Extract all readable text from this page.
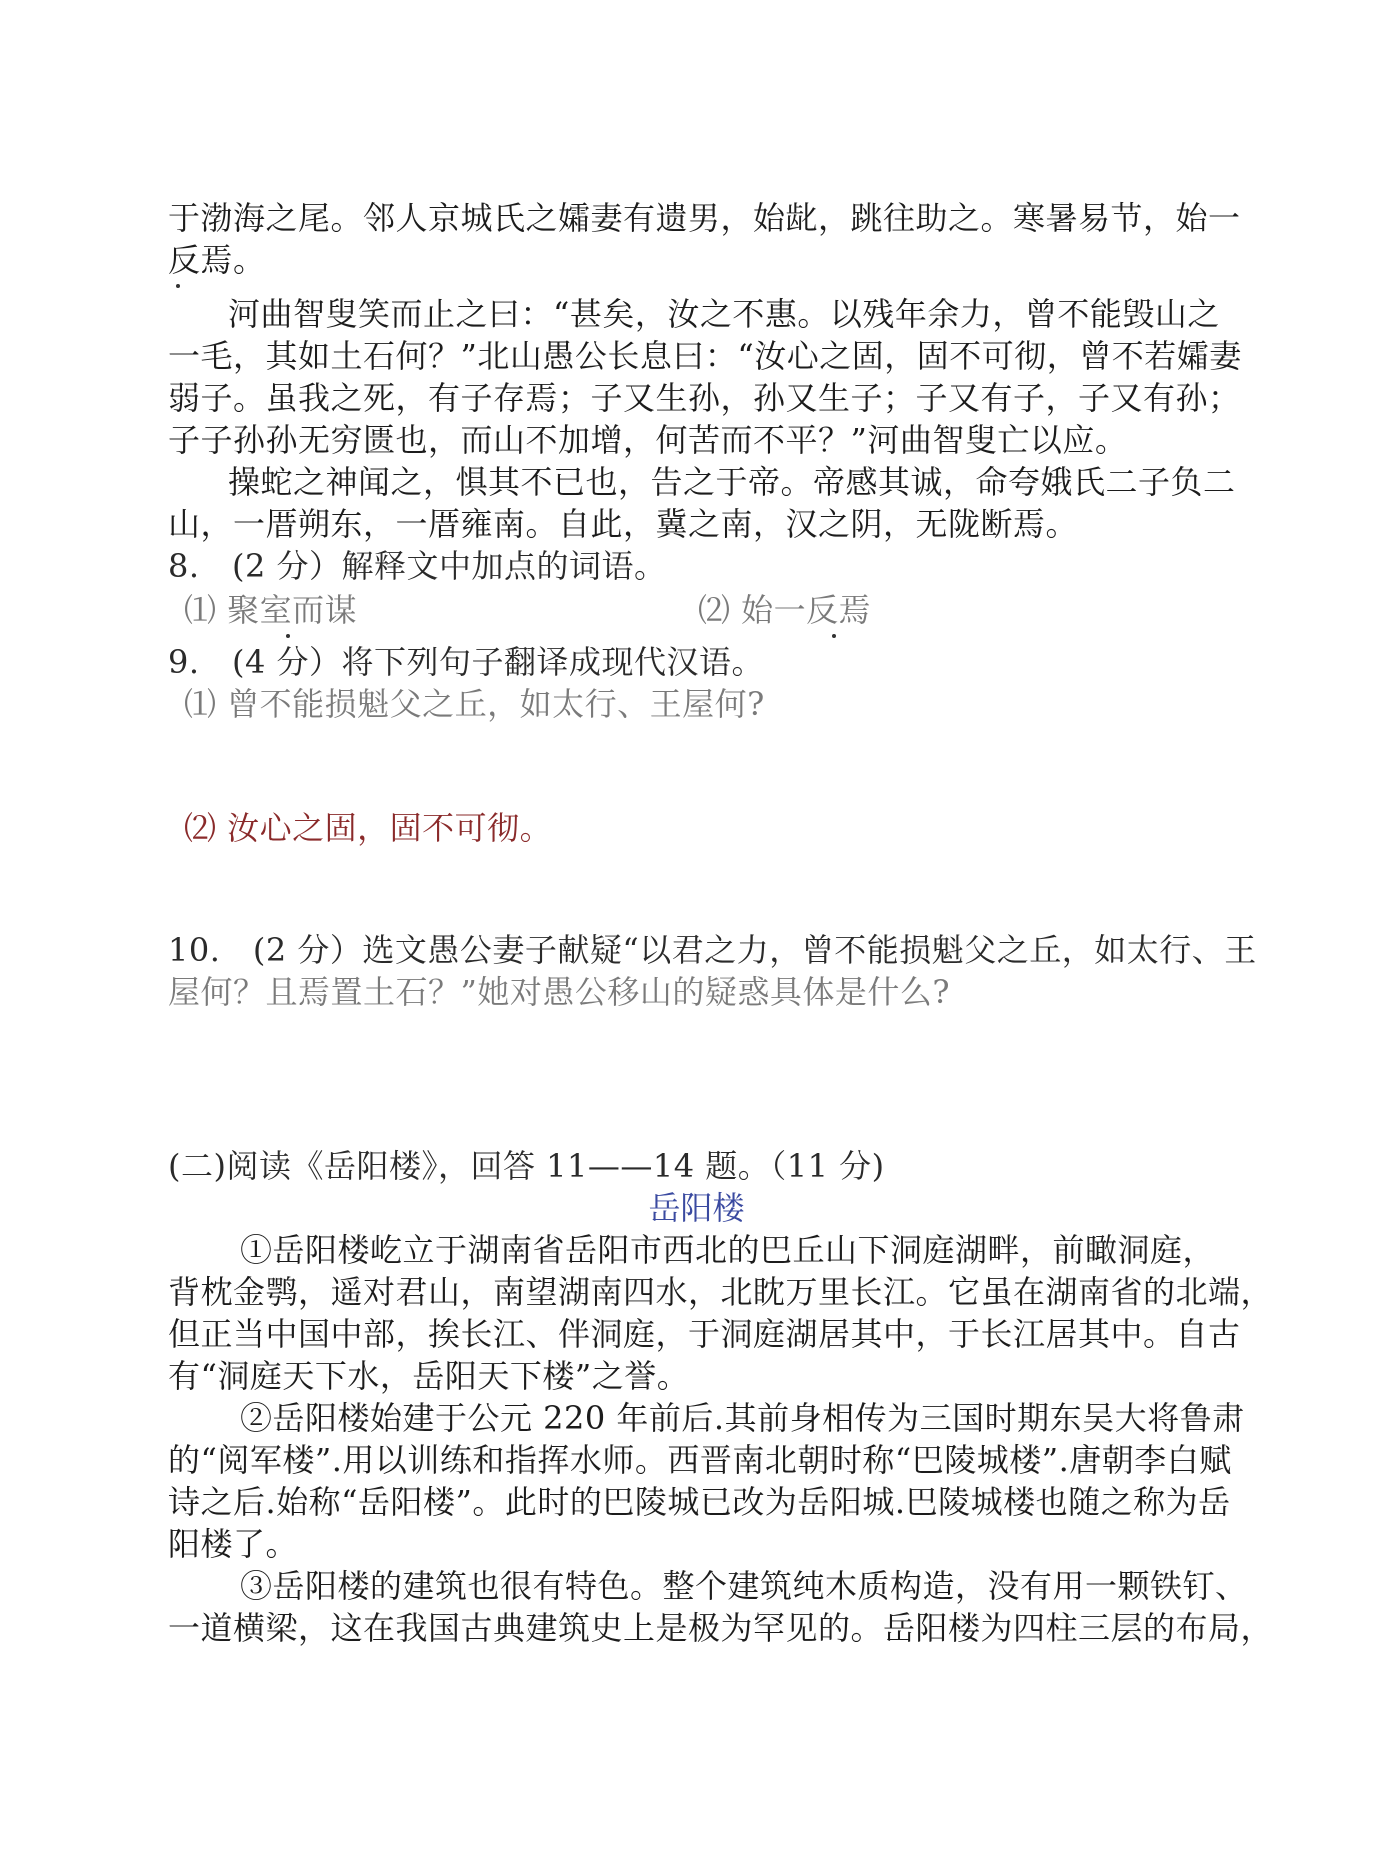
于渤海之尾。邻人京城氏之孀妻有遗男，始龀，跳往助之。寒暑易节，始一
反焉。
河曲智叟笑而止之曰：“甚矣，汝之不惠。以残年余力，曾不能毁山之
一毛，其如土石何？”北山愚公长息曰：“汝心之固，固不可彻，曾不若孀妻
弱子。虽我之死，有子存焉；子又生孙，孙又生子；子又有子，子又有孙；
子子孙孙无穷匮也，而山不加增，何苦而不平？”河曲智叟亡以应。
操蛇之神闻之，惧其不已也，告之于帝。帝感其诚，命夸娥氏二子负二
山，一厝朔东，一厝雍南。自此，冀之南，汉之阴，无陇断焉。
8.　(2 分）解释文中加点的词语。
⑴ 聚室而谋	⑵ 始一反焉
9.　(4 分）将下列句子翻译成现代汉语。
⑴ 曾不能损魁父之丘，如太行、王屋何?
⑵ 汝心之固，固不可彻。
10.　(2 分）选文愚公妻子献疑“以君之力，曾不能损魁父之丘，如太行、王
屋何？且焉置土石？”她对愚公移山的疑惑具体是什么?
(二)阅读《岳阳楼》，回答 11——14 题。（11 分)
岳阳楼
①岳阳楼屹立于湖南省岳阳市西北的巴丘山下洞庭湖畔，前瞰洞庭，
背枕金鹗，遥对君山，南望湖南四水，北眈万里长江。它虽在湖南省的北端，
但正当中国中部，挨长江、伴洞庭，于洞庭湖居其中，于长江居其中。自古
有“洞庭天下水，岳阳天下楼”之誉。
②岳阳楼始建于公元 220 年前后.其前身相传为三国时期东吴大将鲁肃
的“阅军楼”.用以训练和指挥水师。西晋南北朝时称“巴陵城楼”.唐朝李白赋
诗之后.始称“岳阳楼”。此时的巴陵城已改为岳阳城.巴陵城楼也随之称为岳
阳楼了。
③岳阳楼的建筑也很有特色。整个建筑纯木质构造，没有用一颗铁钉、
一道横梁，这在我国古典建筑史上是极为罕见的。岳阳楼为四柱三层的布局，
